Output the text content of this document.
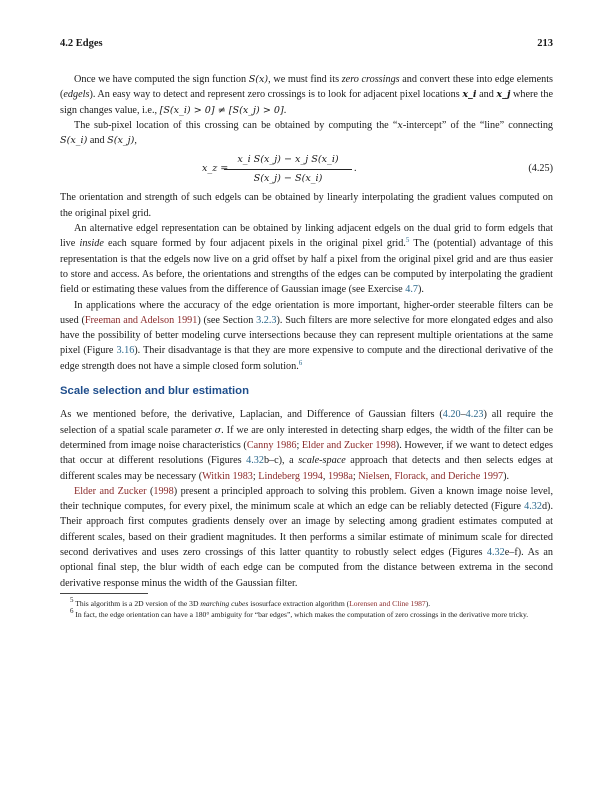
4.2 Edges	213

Once we have computed the sign function S(x), we must find its zero crossings and convert these into edge elements (edgels). An easy way to detect and represent zero crossings is to look for adjacent pixel locations x_i and x_j where the sign changes value, i.e., [S(x_i) > 0] ≠ [S(x_j) > 0].

The sub-pixel location of this crossing can be obtained by computing the “x-intercept” of the “line” connecting S(x_i) and S(x_j),

x_z =
$\frac{\text{x\_i S(x\_j) − x\_j S(x\_i)}}{S(x\_j) - S(x\_i)}$ .	(4.25)

The orientation and strength of such edgels can be obtained by linearly interpolating the gradient values computed on the original pixel grid.

An alternative edgel representation can be obtained by linking adjacent edgels on the dual grid to form edgels that live inside each square formed by four adjacent pixels in the original pixel grid.$^5$ The (potential) advantage of this representation is that the edgels now live on a grid offset by half a pixel from the original pixel grid and are thus easier to store and access. As before, the orientations and strengths of the edges can be computed by interpolating the gradient field or estimating these values from the difference of Gaussian image (see Exercise 4.7).

In applications where the accuracy of the edge orientation is more important, higher-order steerable filters can be used (Freeman and Adelson 1991) (see Section 3.2.3). Such filters are more selective for more elongated edges and also have the possibility of better modeling curve intersections because they can represent multiple orientations at the same pixel (Figure 3.16). Their disadvantage is that they are more expensive to compute and the directional derivative of the edge strength does not have a simple closed form solution.$^6$

Scale selection and blur estimation

As we mentioned before, the derivative, Laplacian, and Difference of Gaussian filters (4.20–4.23) all require the selection of a spatial scale parameter σ. If we are only interested in detecting sharp edges, the width of the filter can be determined from image noise characteristics (Canny 1986; Elder and Zucker 1998). However, if we want to detect edges that occur at different resolutions (Figures 4.32b–c), a scale-space approach that detects and then selects edges at different scales may be necessary (Witkin 1983; Lindeberg 1994, 1998a; Nielsen, Florack, and Deriche 1997).

Elder and Zucker (1998) present a principled approach to solving this problem. Given a known image noise level, their technique computes, for every pixel, the minimum scale at which an edge can be reliably detected (Figure 4.32d). Their approach first computes gradients densely over an image by selecting among gradient estimates computed at different scales, based on their gradient magnitudes. It then performs a similar estimate of minimum scale for directed second derivatives and uses zero crossings of this latter quantity to robustly select edges (Figures 4.32e–f). As an optional final step, the blur width of each edge can be computed from the distance between extrema in the second derivative response minus the width of the Gaussian filter.

$^5$ This algorithm is a 2D version of the 3D marching cubes isosurface extraction algorithm (Lorensen and Cline 1987).

$^6$ In fact, the edge orientation can have a 180° ambiguity for “bar edges”, which makes the computation of zero crossings in the derivative more tricky.
